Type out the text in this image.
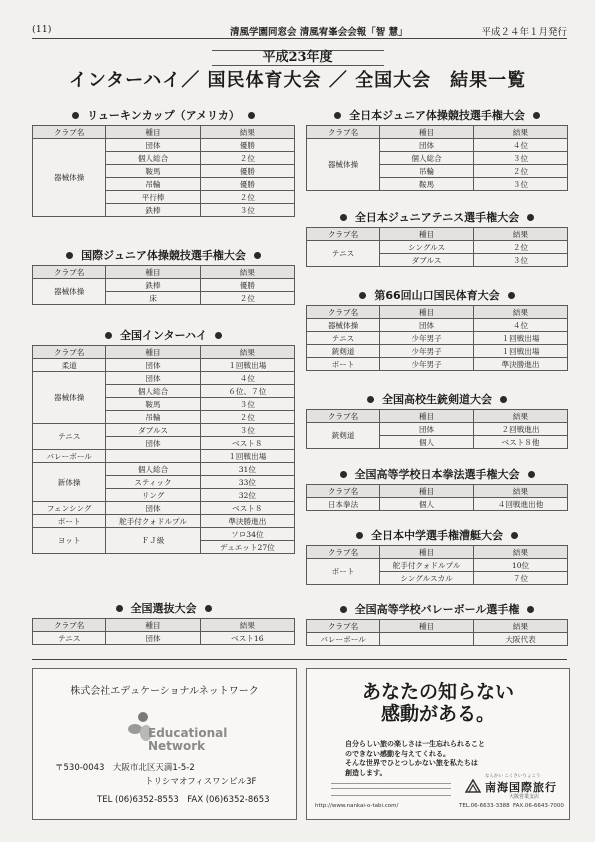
(11)	清風学園同窓会 清風宥峯会会報「智 慧」	平成２４年１月発行
平成23年度
インターハイ／ 国民体育大会 ／ 全国大会　結果一覧
リューキンカップ（アメリカ）
クラブ名	種目	結果
器械体操	団体	優勝
	個人総合	２位
	鞍馬	優勝
	吊輪	優勝
	平行棒	２位
	鉄棒	３位
国際ジュニア体操競技選手権大会
クラブ名	種目	結果
器械体操	鉄棒	優勝
	床	２位
全国インターハイ
クラブ名	種目	結果
柔道	団体	１回戦出場
器械体操	団体	４位
	個人総合	６位、７位
	鞍馬	３位
	吊輪	２位
テニス	ダブルス	３位
	団体	ベスト８
バレーボール		１回戦出場
新体操	個人総合	31位
	スティック	33位
	リング	32位
フェンシング	団体	ベスト８
ボート	舵手付クォドルプル	準決勝進出
ヨット	ＦＪ級	ソロ34位
		デュエット27位
全国選抜大会
クラブ名	種目	結果
テニス	団体	ベスト16
全日本ジュニア体操競技選手権大会
クラブ名	種目	結果
器械体操	団体	４位
	個人総合	３位
	吊輪	２位
	鞍馬	３位
全日本ジュニアテニス選手権大会
クラブ名	種目	結果
テニス	シングルス	２位
	ダブルス	３位
第66回山口国民体育大会
クラブ名	種目	結果
器械体操	団体	４位
テニス	少年男子	１回戦出場
銃剣道	少年男子	１回戦出場
ボート	少年男子	準決勝進出
全国高校生銃剣道大会
クラブ名	種目	結果
銃剣道	団体	２回戦進出
	個人	ベスト８他
全国高等学校日本拳法選手権大会
クラブ名	種目	結果
日本拳法	個人	４回戦進出他
全日本中学選手権漕艇大会
クラブ名	種目	結果
ボート	舵手付クォドルプル	10位
	シングルスカル	７位
全国高等学校バレーボール選手権
クラブ名	種目	結果
バレーボール		大阪代表
株式会社エデュケーショナルネットワーク
Educational
Network
〒530-0043　大阪市北区天満1-5-2
トリシマオフィスワンビル3F
TEL (06)6352-8553　FAX (06)6352-8653
あなたの知らない
感動がある。
自分らしい旅の楽しさは一生忘れられること
のできない感動を与えてくれる。
そんな世界でひとつしかない旅を私たちは
創造します。	なんかい こくさいりょこう
南海国際旅行
大阪営業支店
http://www.nankai-o-tabi.com/	TEL.06-6633-3388 FAX.06-6643-7000
